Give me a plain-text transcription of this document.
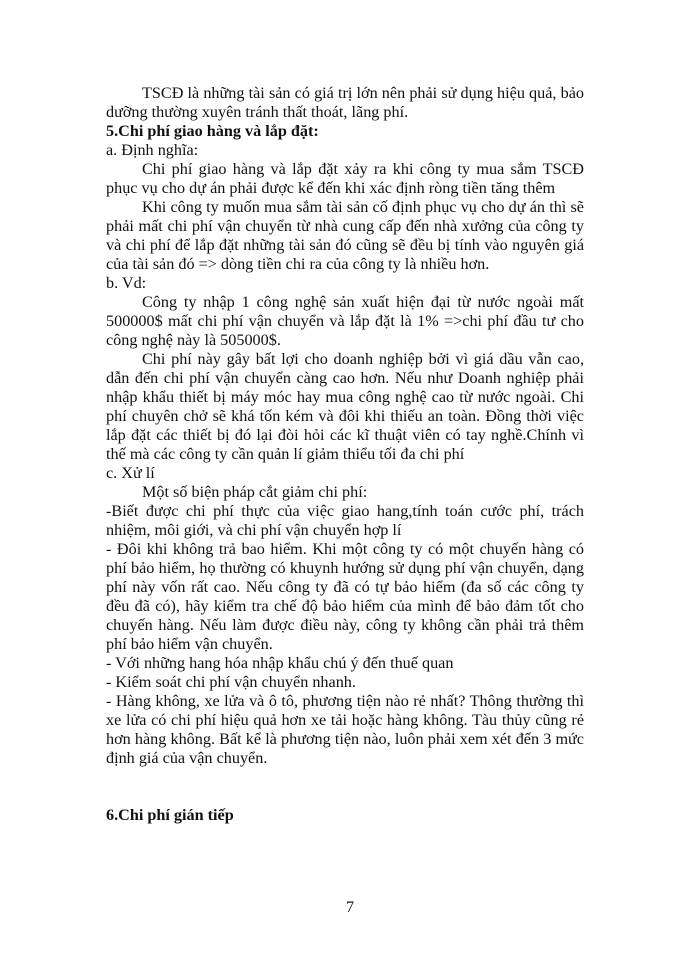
TSCĐ là những tài sản có giá trị lớn nên phải sử dụng hiệu quả, bảo dưỡng thường xuyên tránh thất thoát, lãng phí.

5.Chi phí giao hàng và lắp đặt:

a. Định nghĩa:

Chi phí giao hàng và lắp đặt xảy ra khi công ty mua sắm TSCĐ phục vụ cho dự án phải được kể đến khi xác định ròng tiền tăng thêm

Khi công ty muốn mua sắm tài sản cố định phục vụ cho dự án thì sẽ phải mất chi phí vận chuyển từ nhà cung cấp đến nhà xưởng của công ty và chi phí để lắp đặt những tài sản đó cũng sẽ đều bị tính vào nguyên giá của tài sản đó => dòng tiền chi ra của công ty là nhiều hơn.

b. Vd:

Công ty nhập 1 công nghệ sản xuất hiện đại từ nước ngoài mất 500000$ mất chi phí vận chuyển và lắp đặt là 1% =>chi phí đầu tư cho công nghệ này là 505000$.

Chi phí này gây bất lợi cho doanh nghiệp bởi vì giá dầu vẫn cao, dẫn đến chi phí vận chuyển càng cao hơn. Nếu như Doanh nghiệp phải nhập khẩu thiết bị máy móc hay mua công nghệ cao từ nước ngoài. Chi phí chuyên chở sẽ khá tốn kém và đôi khi thiếu an toàn. Đồng thời việc lắp đặt các thiết bị đó lại đòi hỏi các kĩ thuật viên có tay nghề.Chính vì thế mà các công ty cần quản lí giảm thiểu tối đa chi phí

c. Xử lí

Một số biện pháp cắt giảm chi phí:

-Biết được chi phí thực của việc giao hang,tính toán cước phí, trách nhiệm, môi giới, và chi phí vận chuyển hợp lí

- Đôi khi không trả bao hiểm. Khi một công ty có một chuyến hàng có phí bảo hiểm, họ thường có khuynh hướng sử dụng phí vận chuyển, dạng phí này vốn rất cao. Nếu công ty đã có tự bảo hiểm (đa số các công ty đều đã có), hãy kiểm tra chế độ bảo hiểm của mình để bảo đảm tốt cho chuyến hàng. Nếu làm được điều này, công ty không cần phải trả thêm phí bảo hiểm vận chuyển.

- Với những hang hóa nhập khẩu chú ý đến thuế quan

- Kiểm soát chi phí vận chuyển nhanh.

- Hàng không, xe lửa và ô tô, phương tiện nào rẻ nhất? Thông thường thì xe lửa có chi phí hiệu quả hơn xe tải hoặc hàng không. Tàu thủy cũng rẻ hơn hàng không. Bất kể là phương tiện nào, luôn phải xem xét đến 3 mức định giá của vận chuyển.

6.Chi phí gián tiếp

7
